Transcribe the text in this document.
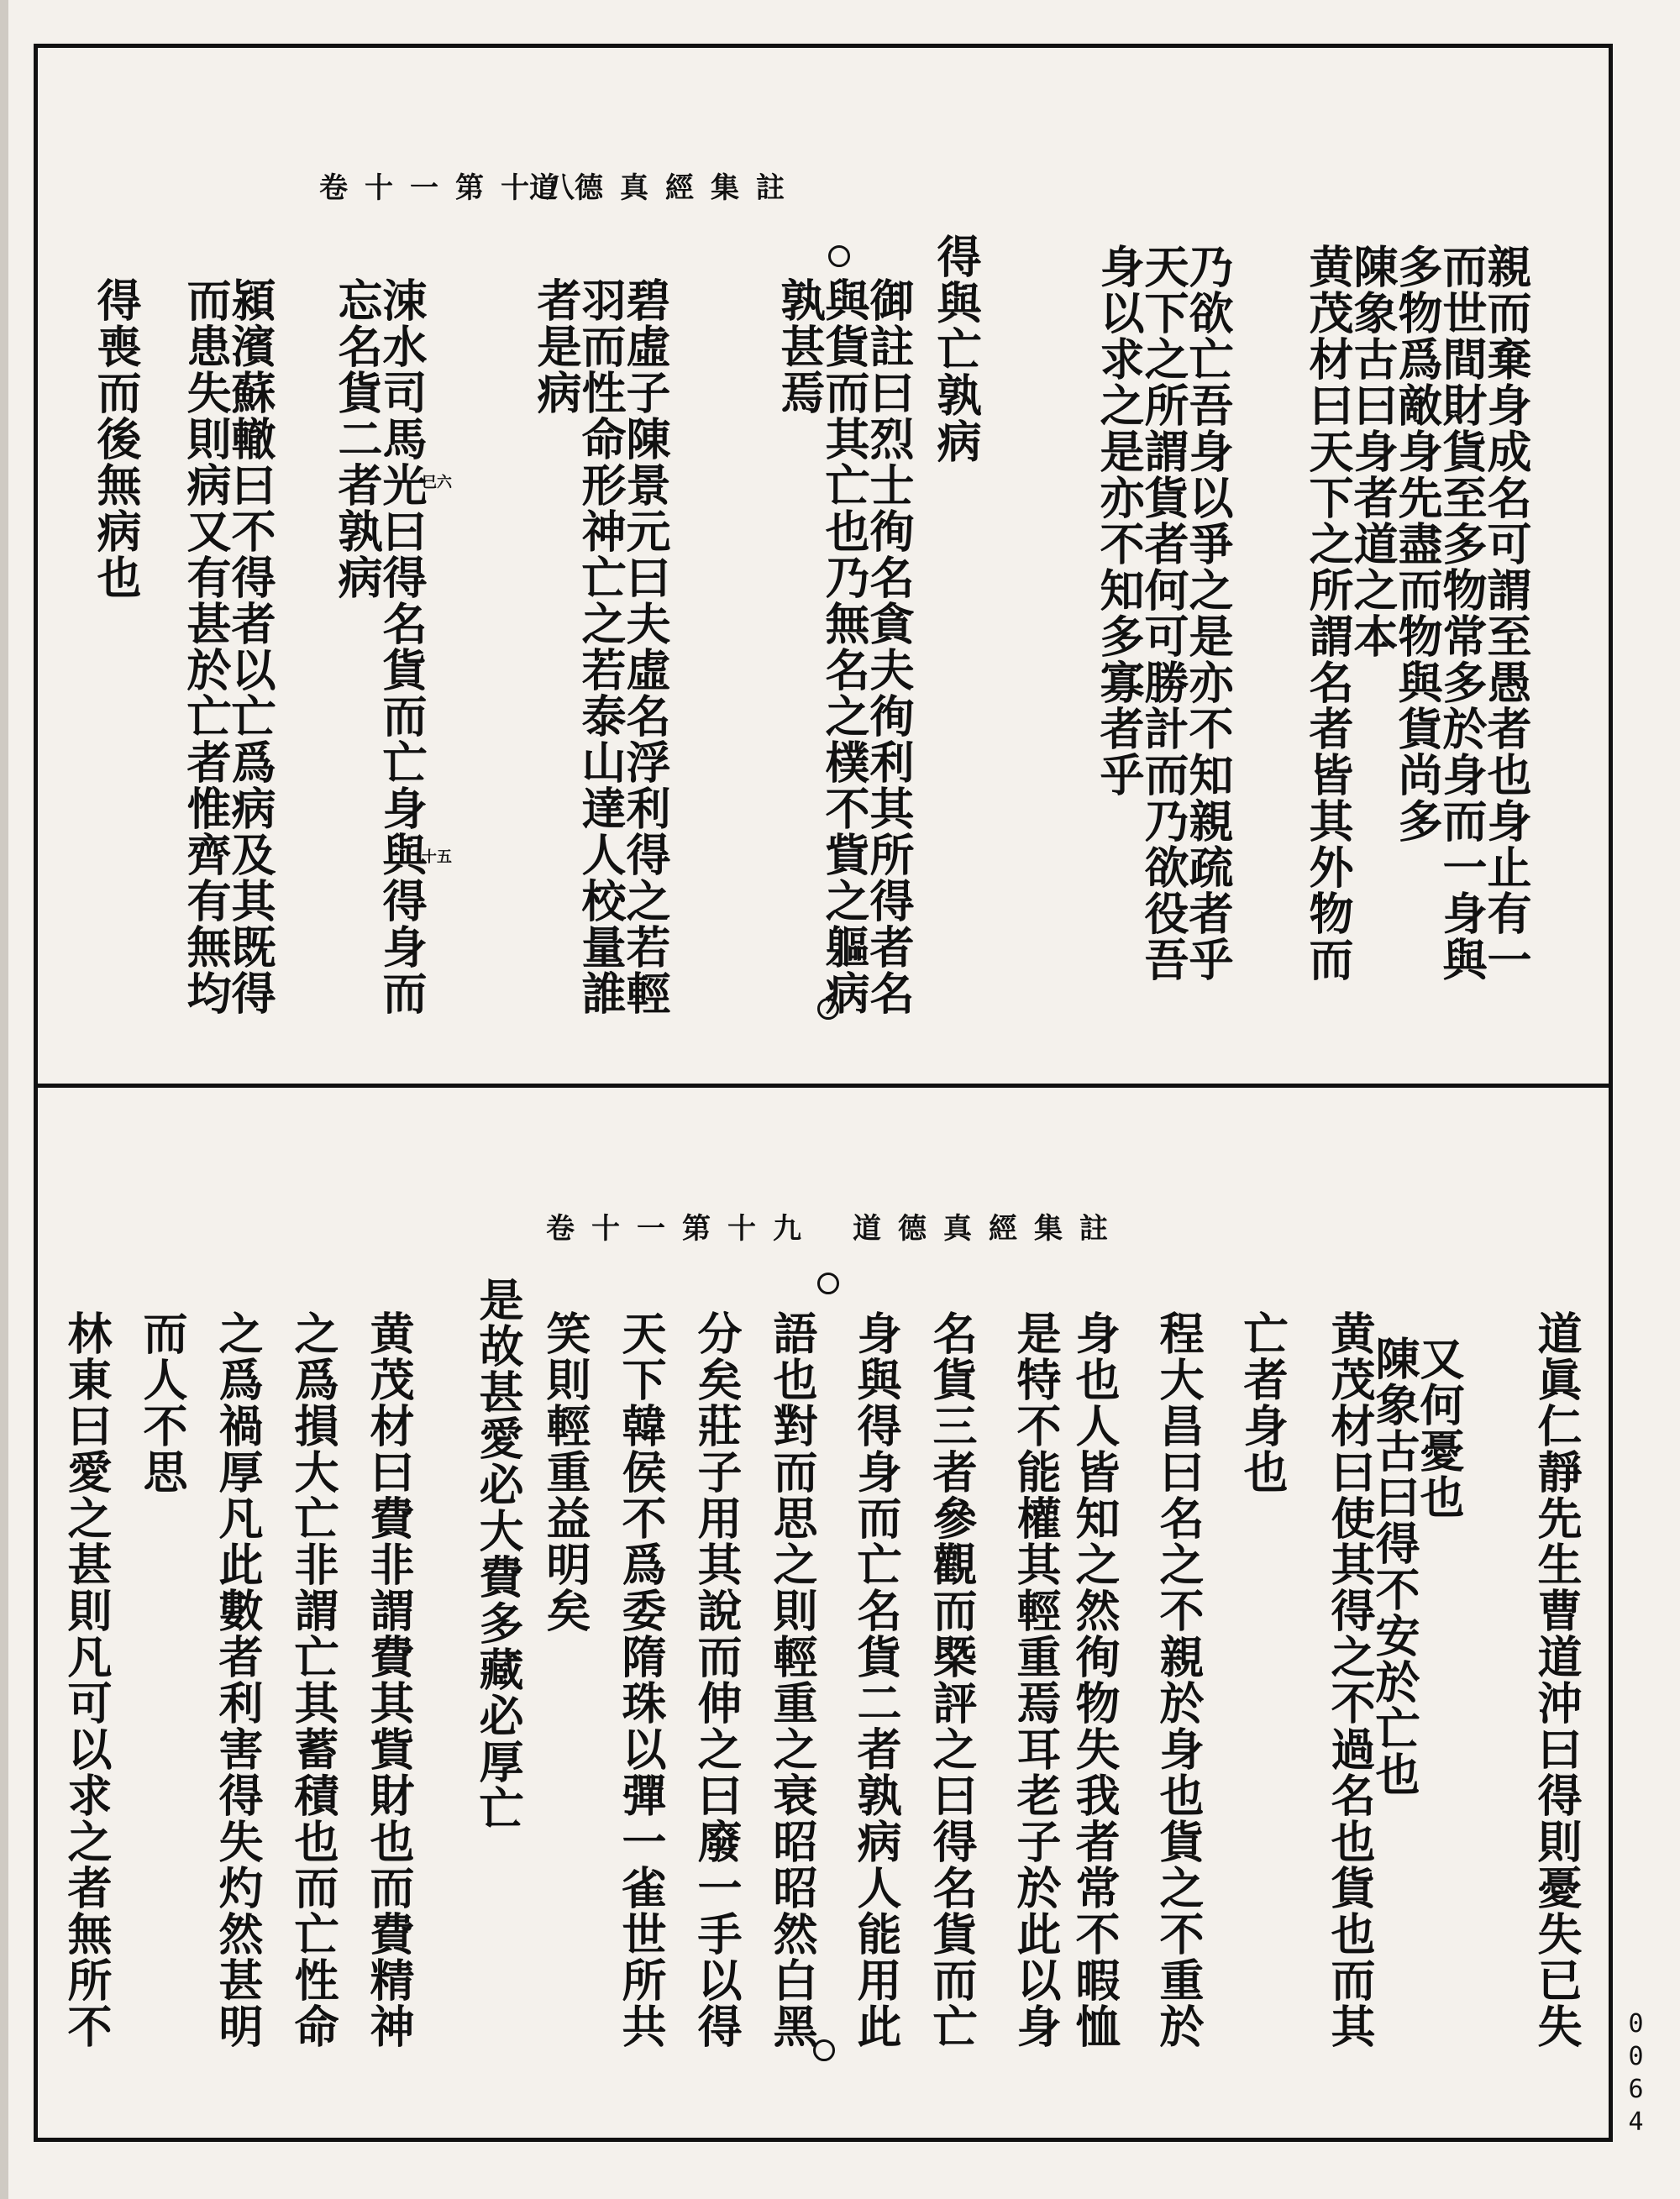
道德真經集註
卷十一第十八
親而棄身成名可謂至愚者也身止有一
而世間財貨至多物常多於身而一身與
多物爲敵身先盡而物與貨尚多
陳象古曰身者道之本
黄茂材曰天下之所謂名者皆其外物而
乃欲亡吾身以爭之是亦不知親疏者乎
天下之所謂貨者何可勝計而乃欲役吾
身以求之是亦不知多寡者乎
得與亡孰病
御註曰烈士徇名貪夫徇利其所得者名
與貨而其亡也乃無名之樸不貲之軀病
孰甚焉
碧虛子陳景元曰夫虛名浮利得之若輕
羽而性命形神亡之若泰山達人校量誰
者是病
涑水司馬光曰得名貨而亡身與得身而
忘名貨二者孰病
潁濱蘇轍曰不得者以亡爲病及其既得
而患失則病又有甚於亡者惟齊有無均
得喪而後無病也	巳六
十五
道德真經集註
卷十一第十九
道眞仁靜先生曹道沖曰得則憂失已失
又何憂也
陳象古曰得不安於亡也
黄茂材曰使其得之不過名也貨也而其
亡者身也
程大昌曰名之不親於身也貨之不重於
身也人皆知之然徇物失我者常不暇恤
是特不能權其輕重焉耳老子於此以身
名貨三者參觀而槩評之曰得名貨而亡
身與得身而亡名貨二者孰病人能用此
語也對而思之則輕重之衰昭昭然白黑
分矣莊子用其說而伸之曰廢一手以得
天下韓侯不爲委隋珠以彈一雀世所共
笑則輕重益明矣
是故甚愛必大費多藏必厚亡
黄茂材曰費非謂費其貲財也而費精神
之爲損大亡非謂亡其蓄積也而亡性命
之爲禍厚凡此數者利害得失灼然甚明
而人不思
林東曰愛之甚則凡可以求之者無所不
0064
